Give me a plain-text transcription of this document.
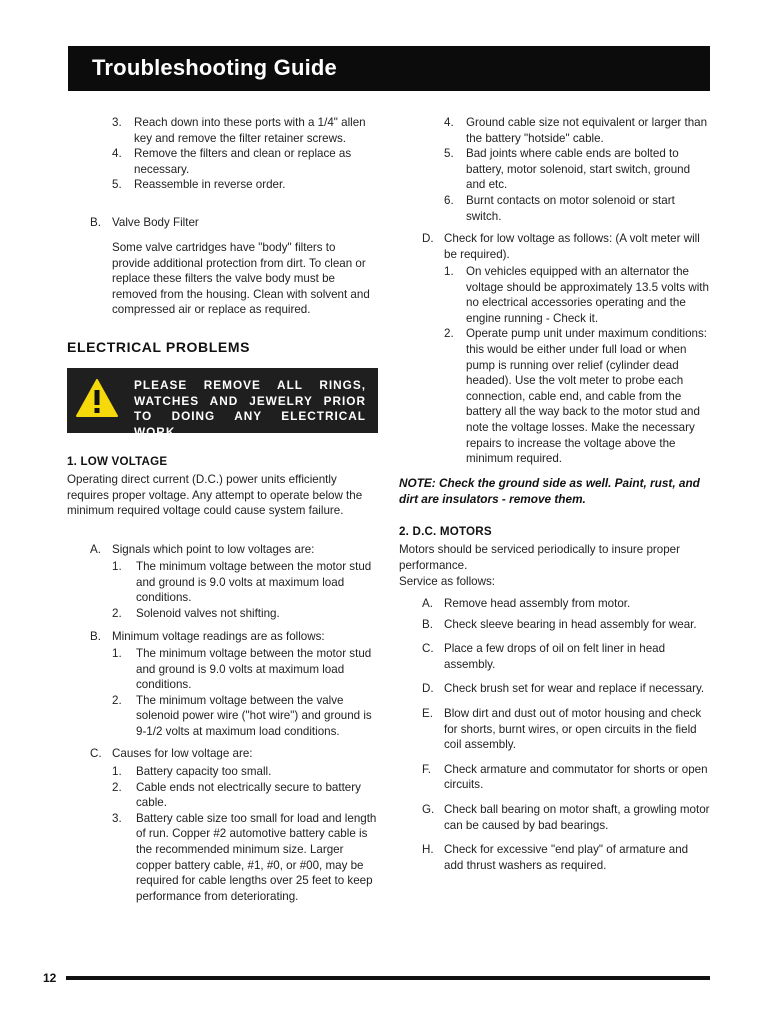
Troubleshooting Guide
3.	Reach down into these ports with a 1/4" allen key and remove the filter retainer screws.
4.	Remove the filters and clean or replace as necessary.
5.	Reassemble in reverse order.
B. Valve Body Filter
Some valve cartridges have "body" filters to provide additional protection from dirt. To clean or replace these filters the valve body must be removed from the housing. Clean with solvent and compressed air or replace as required.
ELECTRICAL PROBLEMS
PLEASE REMOVE ALL RINGS, WATCHES AND JEWELRY PRIOR TO DOING ANY ELECTRICAL WORK.
1. LOW VOLTAGE
Operating direct current (D.C.) power units efficiently requires proper voltage. Any attempt to operate below the minimum required voltage could cause system failure.
A. Signals which point to low voltages are:
1.	The minimum voltage between the motor stud and ground is 9.0 volts at maximum load conditions.
2.	Solenoid valves not shifting.
B. Minimum voltage readings are as follows:
1.	The minimum voltage between the motor stud and ground is 9.0 volts at maximum load conditions.
2.	The minimum voltage between the valve solenoid power wire ("hot wire") and ground is 9-1/2 volts at maximum load conditions.
C. Causes for low voltage are:
1.	Battery capacity too small.
2.	Cable ends not electrically secure to battery cable.
3.	Battery cable size too small for load and length of run. Copper #2 automotive battery cable is the recommended minimum size. Larger copper battery cable, #1, #0, or #00, may be required for cable lengths over 25 feet to keep performance from deteriorating.
4.	Ground cable size not equivalent or larger than the battery "hotside" cable.
5.	Bad joints where cable ends are bolted to battery, motor solenoid, start switch, ground and etc.
6.	Burnt contacts on motor solenoid or start switch.
D. Check for low voltage as follows: (A volt meter will be required).
1.	On vehicles equipped with an alternator the voltage should be approximately 13.5 volts with no electrical accessories operating and the engine running - Check it.
2.	Operate pump unit under maximum conditions: this would be either under full load or when pump is running over relief (cylinder dead headed). Use the volt meter to probe each connection, cable end, and cable from the battery all the way back to the motor stud and note the voltage losses. Make the necessary repairs to increase the voltage above the minimum required.
NOTE: Check the ground side as well. Paint, rust, and dirt are insulators - remove them.
2. D.C. MOTORS
Motors should be serviced periodically to insure proper performance.
Service as follows:
A. Remove head assembly from motor.
B. Check sleeve bearing in head assembly for wear.
C. Place a few drops of oil on felt liner in head assembly.
D. Check brush set for wear and replace if necessary.
E. Blow dirt and dust out of motor housing and check for shorts, burnt wires, or open circuits in the field coil assembly.
F.	Check armature and commutator for shorts or open circuits.
G. Check ball bearing on motor shaft, a growling motor can be caused by bad bearings.
H. Check for excessive "end play" of armature and add thrust washers as required.
12
